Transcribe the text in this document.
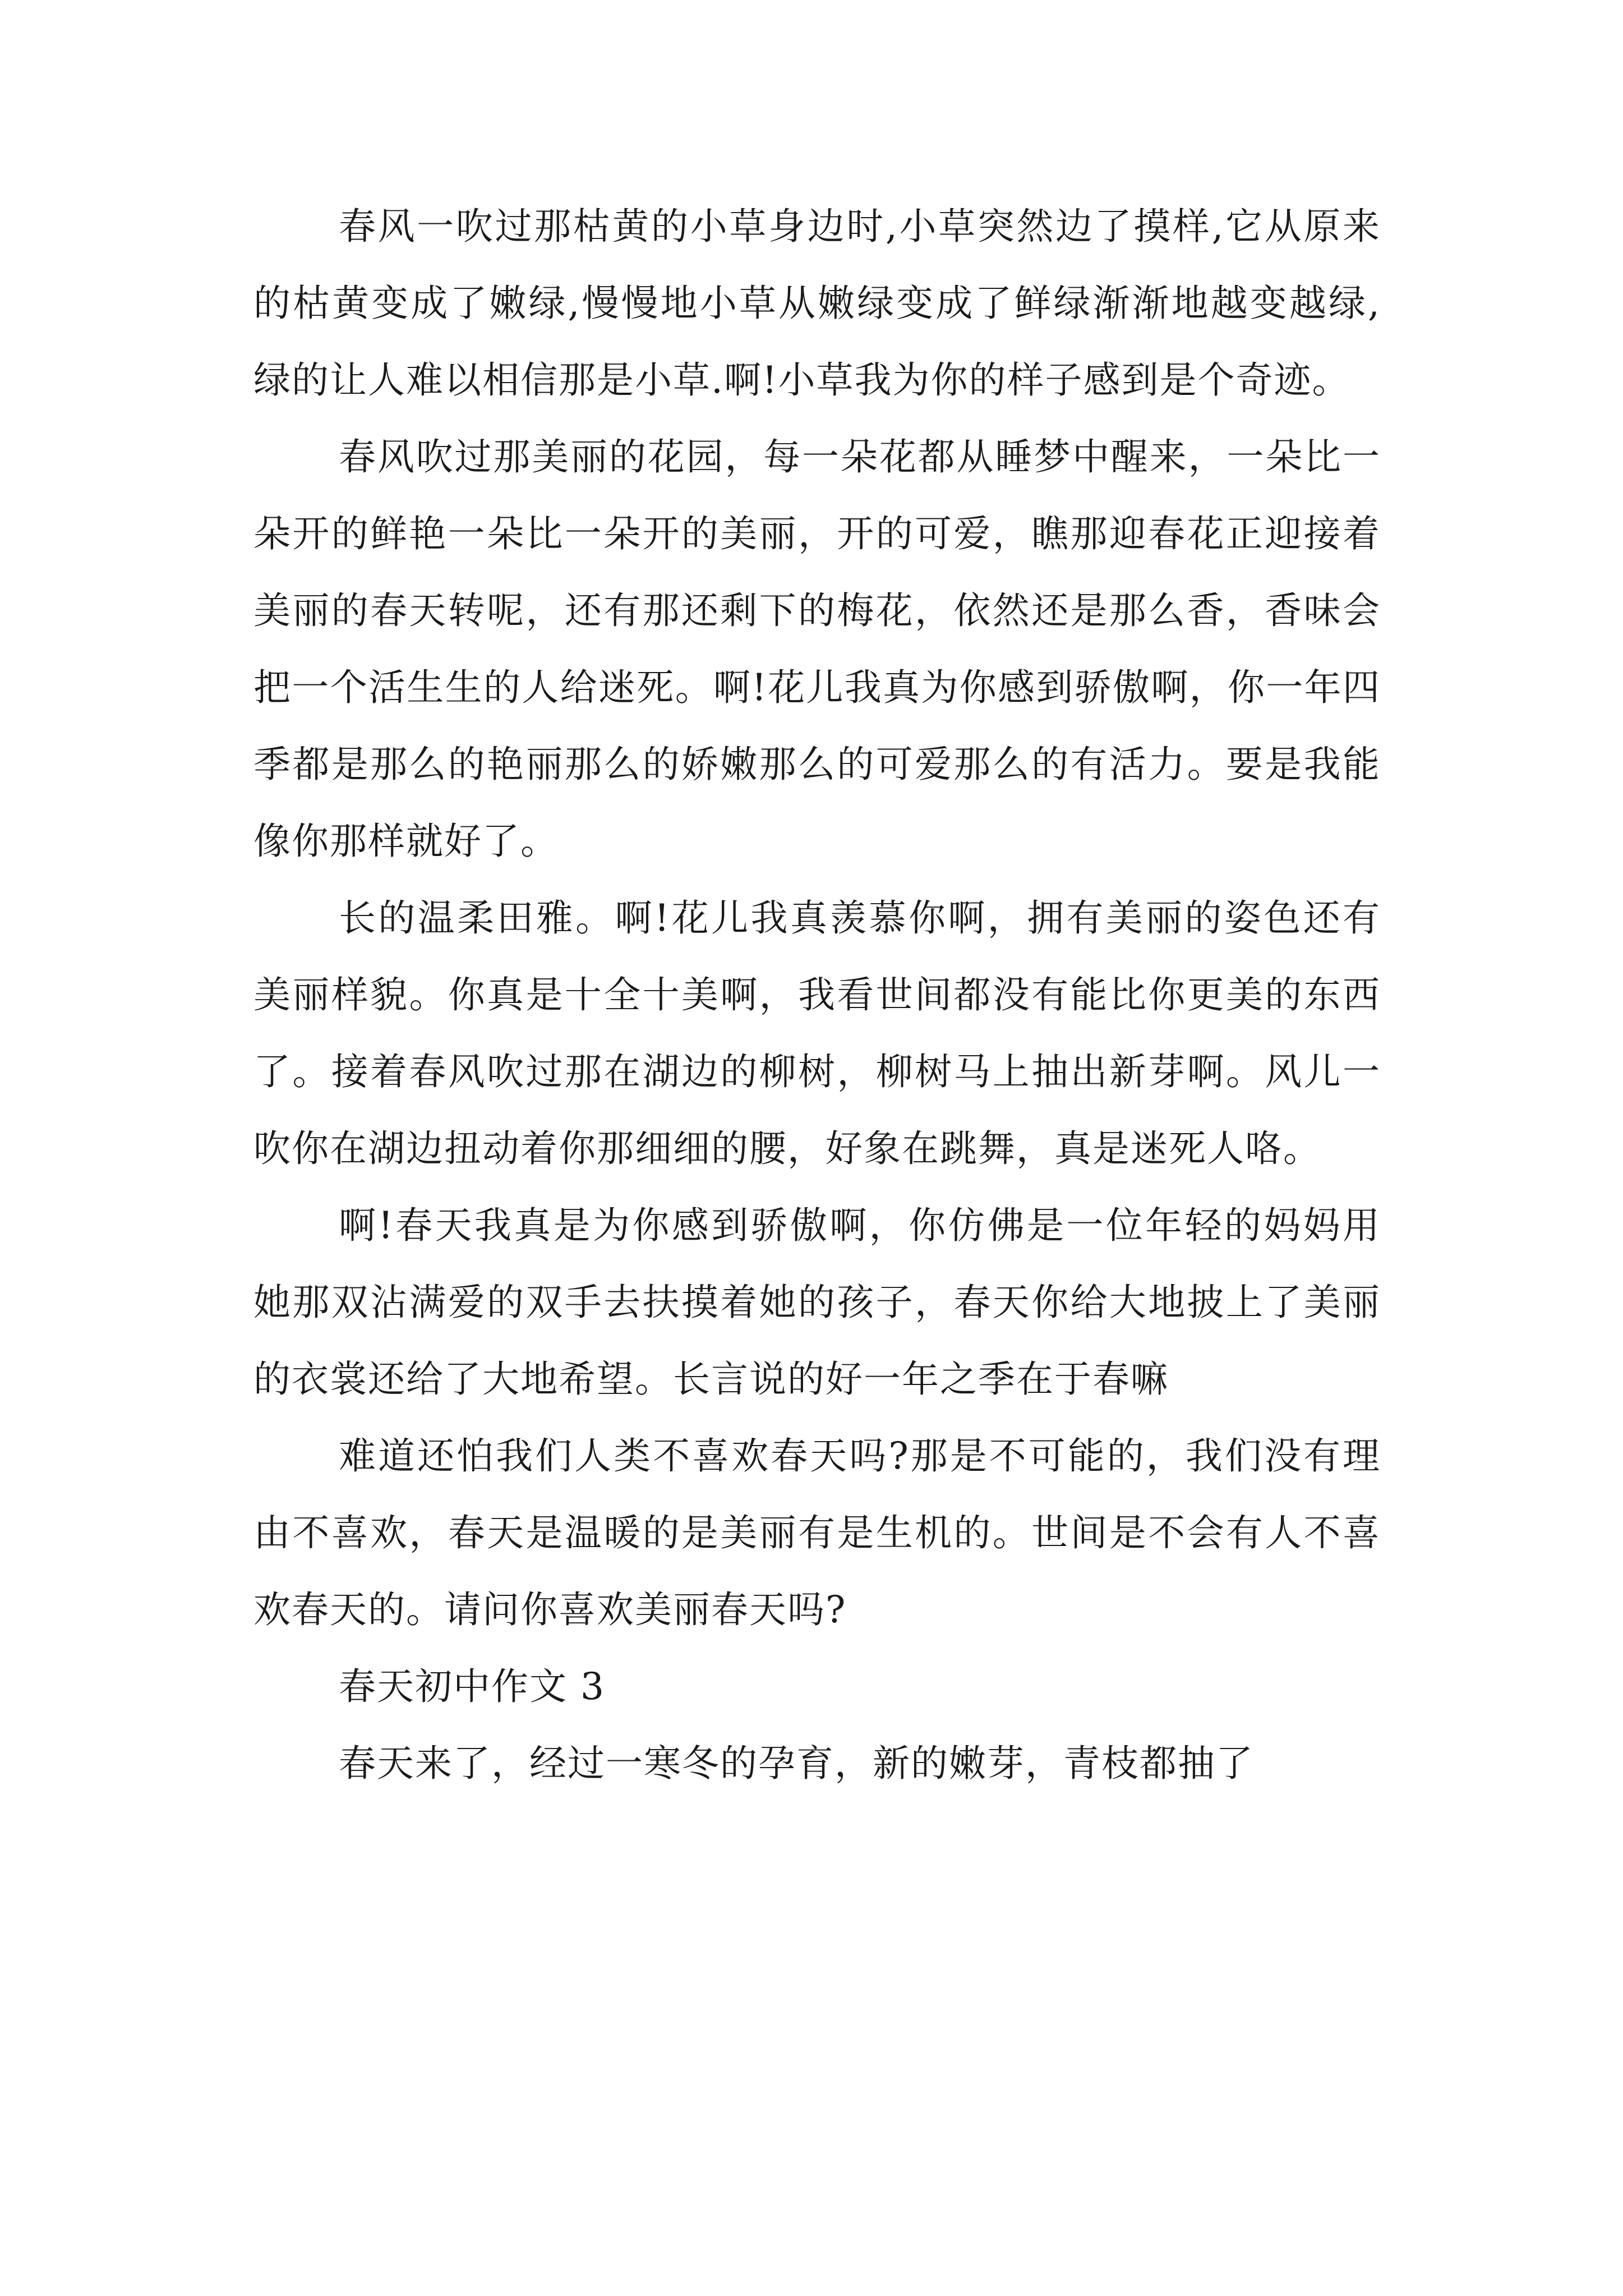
春风一吹过那枯黄的小草身边时,小草突然边了摸样,它从原来的枯黄变成了嫩绿,慢慢地小草从嫩绿变成了鲜绿渐渐地越变越绿,绿的让人难以相信那是小草.啊!小草我为你的样子感到是个奇迹。

春风吹过那美丽的花园，每一朵花都从睡梦中醒来，一朵比一朵开的鲜艳一朵比一朵开的美丽，开的可爱，瞧那迎春花正迎接着美丽的春天转呢，还有那还剩下的梅花，依然还是那么香，香味会把一个活生生的人给迷死。啊!花儿我真为你感到骄傲啊，你一年四季都是那么的艳丽那么的娇嫩那么的可爱那么的有活力。要是我能像你那样就好了。

长的温柔田雅。啊!花儿我真羡慕你啊，拥有美丽的姿色还有美丽样貌。你真是十全十美啊，我看世间都没有能比你更美的东西了。接着春风吹过那在湖边的柳树，柳树马上抽出新芽啊。风儿一吹你在湖边扭动着你那细细的腰，好象在跳舞，真是迷死人咯。

啊!春天我真是为你感到骄傲啊，你仿佛是一位年轻的妈妈用她那双沾满爱的双手去扶摸着她的孩子，春天你给大地披上了美丽的衣裳还给了大地希望。长言说的好一年之季在于春嘛

难道还怕我们人类不喜欢春天吗?那是不可能的，我们没有理由不喜欢，春天是温暖的是美丽有是生机的。世间是不会有人不喜欢春天的。请问你喜欢美丽春天吗?

春天初中作文 3

春天来了，经过一寒冬的孕育，新的嫩芽，青枝都抽了
